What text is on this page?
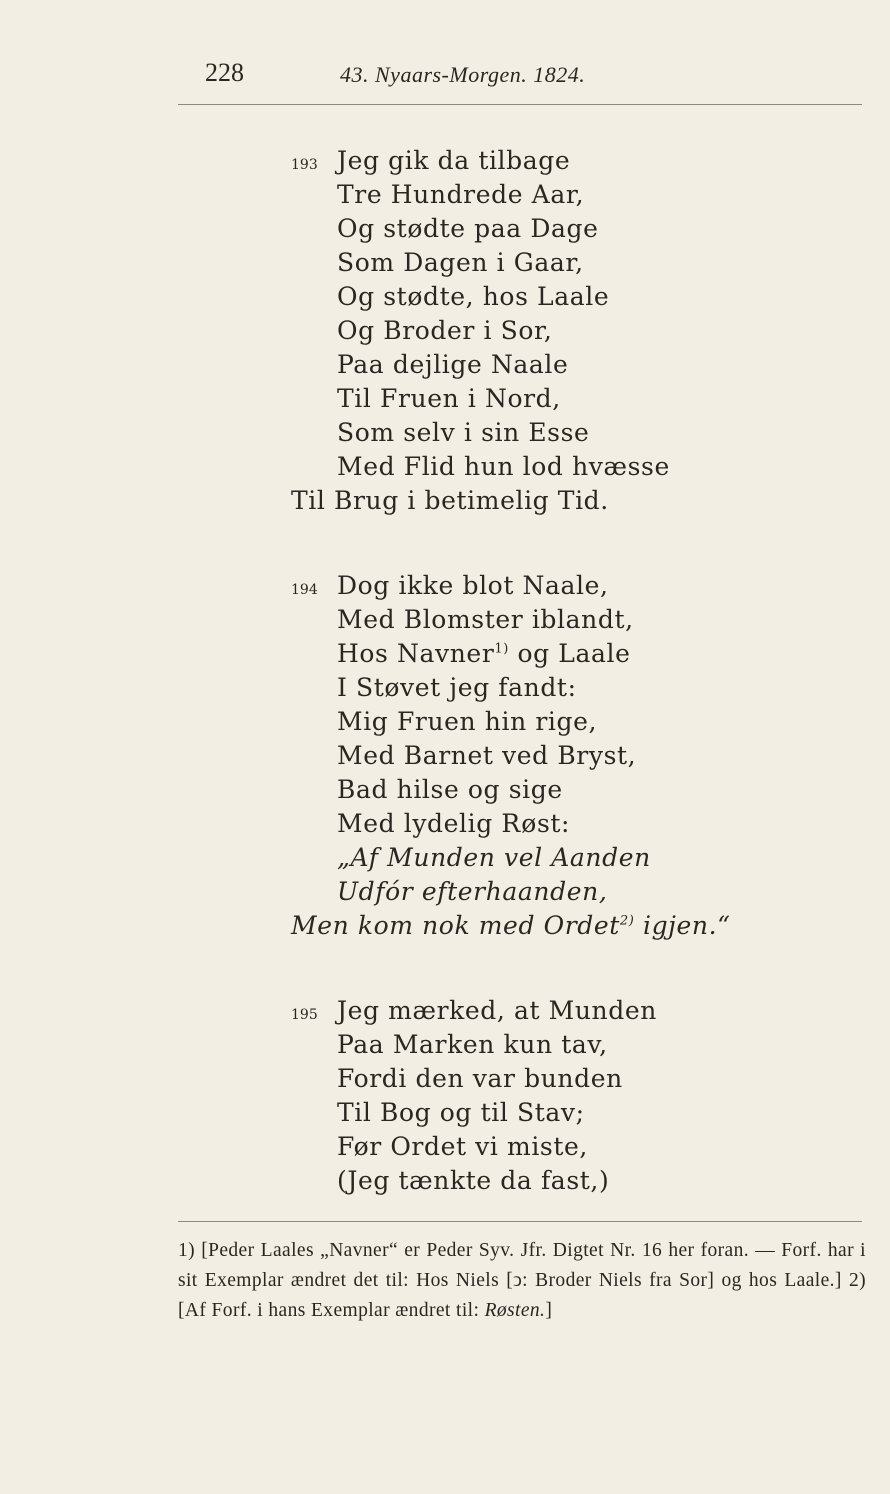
228	43. Nyaars-Morgen. 1824.
193 Jeg gik da tilbage
Tre Hundrede Aar,
Og stødte paa Dage
Som Dagen i Gaar,
Og stødte, hos Laale
Og Broder i Sor,
Paa dejlige Naale
Til Fruen i Nord,
Som selv i sin Esse
Med Flid hun lod hvæsse
Til Brug i betimelig Tid.
194 Dog ikke blot Naale,
Med Blomster iblandt,
Hos Navner$^{1)}$ og Laale
I Støvet jeg fandt:
Mig Fruen hin rige,
Med Barnet ved Bryst,
Bad hilse og sige
Med lydelig Røst:
„Af Munden vel Aanden
Udfór efterhaanden,
Men kom nok med Ordet$^{2)}$ igjen.“
195 Jeg mærked, at Munden
Paa Marken kun tav,
Fordi den var bunden
Til Bog og til Stav;
Før Ordet vi miste,
(Jeg tænkte da fast,)
1) [Peder Laales „Navner“ er Peder Syv. Jfr. Digtet Nr. 16 her foran. — Forf. har i sit Exemplar ændret det til: Hos Niels [ↄ: Broder Niels fra Sor] og hos Laale.] 2) [Af Forf. i hans Exemplar ændret til: Røsten.]
